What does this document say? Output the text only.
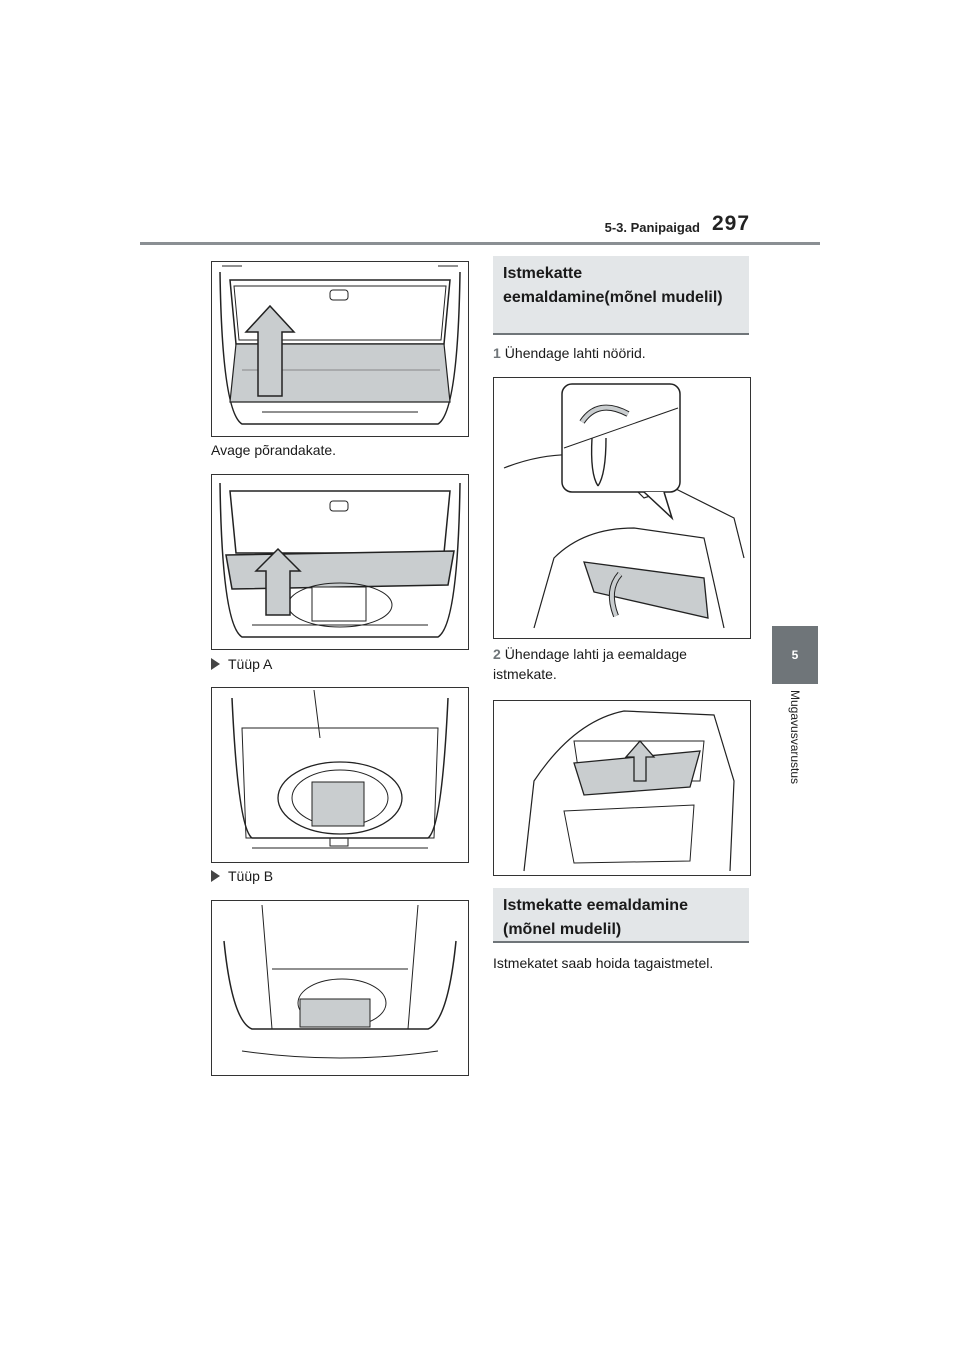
5-3. Panipaigad 297
5
Mugavusvarustus
Avage põrandakate.
Tüüp A
Tüüp B
Istmekatte eemaldamine(mõnel mudelil)
1 Ühendage lahti nöörid.
2 Ühendage lahti ja eemaldage istmekate.
Istmekatte eemaldamine (mõnel mudelil)
Istmekatet saab hoida tagaistmetel.
